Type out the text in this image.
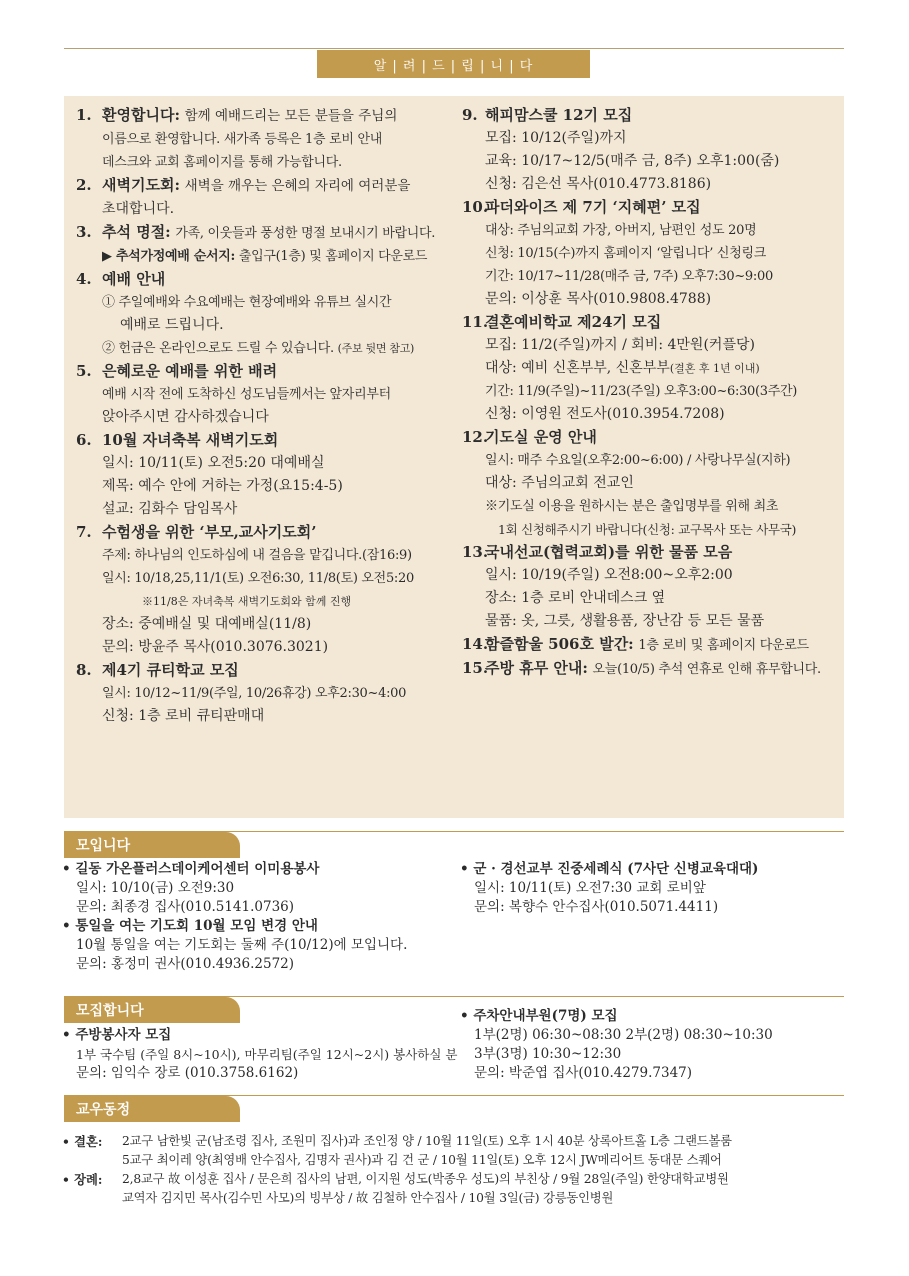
알 | 려 | 드 | 립 | 니 | 다
1. 환영합니다: 함께 예배드리는 모든 분들을 주님의
이름으로 환영합니다. 새가족 등록은 1층 로비 안내
데스크와 교회 홈페이지를 통해 가능합니다.
2. 새벽기도회: 새벽을 깨우는 은혜의 자리에 여러분을
초대합니다.
3. 추석 명절: 가족, 이웃들과 풍성한 명절 보내시기 바랍니다.
▶ 추석가정예배 순서지: 출입구(1층) 및 홈페이지 다운로드
4. 예배 안내
① 주일예배와 수요예배는 현장예배와 유튜브 실시간
예배로 드립니다.
② 헌금은 온라인으로도 드릴 수 있습니다. (주보 뒷면 참고)
5. 은혜로운 예배를 위한 배려
예배 시작 전에 도착하신 성도님들께서는 앞자리부터
앉아주시면 감사하겠습니다
6. 10월 자녀축복 새벽기도회
일시: 10/11(토) 오전5:20 대예배실
제목: 예수 안에 거하는 가정(요15:4-5)
설교: 김화수 담임목사
7. 수험생을 위한 ‘부모,교사기도회’
주제: 하나님의 인도하심에 내 걸음을 맡깁니다.(잠16:9)
일시: 10/18,25,11/1(토) 오전6:30, 11/8(토) 오전5:20
※11/8은 자녀축복 새벽기도회와 함께 진행
장소: 중예배실 및 대예배실(11/8)
문의: 방윤주 목사(010.3076.3021)
8. 제4기 큐티학교 모집
일시: 10/12~11/9(주일, 10/26휴강) 오후2:30~4:00
신청: 1층 로비 큐티판매대
9. 해피맘스쿨 12기 모집
모집: 10/12(주일)까지
교육: 10/17~12/5(매주 금, 8주) 오후1:00(줌)
신청: 김은선 목사(010.4773.8186)
10.
파더와이즈 제 7기 ‘지혜편’ 모집
대상: 주님의교회 가장, 아버지, 남편인 성도 20명
신청: 10/15(수)까지 홈페이지 ‘알립니다’ 신청링크
기간: 10/17~11/28(매주 금, 7주) 오후7:30~9:00
문의: 이상훈 목사(010.9808.4788)
11.
결혼예비학교 제24기 모집
모집: 11/2(주일)까지 / 회비: 4만원(커플당)
대상: 예비 신혼부부, 신혼부부(결혼 후 1년 이내)
기간: 11/9(주일)~11/23(주일) 오후3:00~6:30(3주간)
신청: 이영원 전도사(010.3954.7208)
12.
기도실 운영 안내
일시: 매주 수요일(오후2:00~6:00) / 사랑나무실(지하)
대상: 주님의교회 전교인
※기도실 이용을 원하시는 분은 출입명부를 위해 최초
1회 신청해주시기 바랍니다(신청: 교구목사 또는 사무국)
13.
국내선교(협력교회)를 위한 물품 모음
일시: 10/19(주일) 오전8:00~오후2:00
장소: 1층 로비 안내데스크 옆
물품: 옷, 그릇, 생활용품, 장난감 등 모든 물품
14.
함즐함울 506호 발간: 1층 로비 및 홈페이지 다운로드
15.
주방 휴무 안내: 오늘(10/5) 추석 연휴로 인해 휴무합니다.
모입니다
• 길동 가온플러스데이케어센터 이미용봉사
일시: 10/10(금) 오전9:30
문의: 최종경 집사(010.5141.0736)
• 통일을 여는 기도회 10월 모임 변경 안내
10월 통일을 여는 기도회는 둘째 주(10/12)에 모입니다.
문의: 홍정미 권사(010.4936.2572)
• 군 · 경선교부 진중세례식 (7사단 신병교육대대)
일시: 10/11(토) 오전7:30 교회 로비앞
문의: 복향수 안수집사(010.5071.4411)
모집합니다
• 주방봉사자 모집
1부 국수팀 (주일 8시~10시), 마무리팀(주일 12시~2시) 봉사하실 분
문의: 임익수 장로 (010.3758.6162)
• 주차안내부원(7명) 모집
1부(2명) 06:30~08:30 2부(2명) 08:30~10:30
3부(3명) 10:30~12:30
문의: 박준엽 집사(010.4279.7347)
교우동정
• 결혼:	2교구 남한빛 군(남조령 집사, 조원미 집사)과 조인정 양 / 10월 11일(토) 오후 1시 40분 상록아트홀 L층 그랜드볼룸
5교구 최이레 양(최영배 안수집사, 김명자 권사)과 김 건 군 / 10월 11일(토) 오후 12시 JW메리어트 동대문 스퀘어
• 장례:	2,8교구 故 이성훈 집사 / 문은희 집사의 남편, 이지원 성도(박종우 성도)의 부친상 / 9월 28일(주일) 한양대학교병원
교역자 김지민 목사(김수민 사모)의 빙부상 / 故 김철하 안수집사 / 10월 3일(금) 강릉동인병원
